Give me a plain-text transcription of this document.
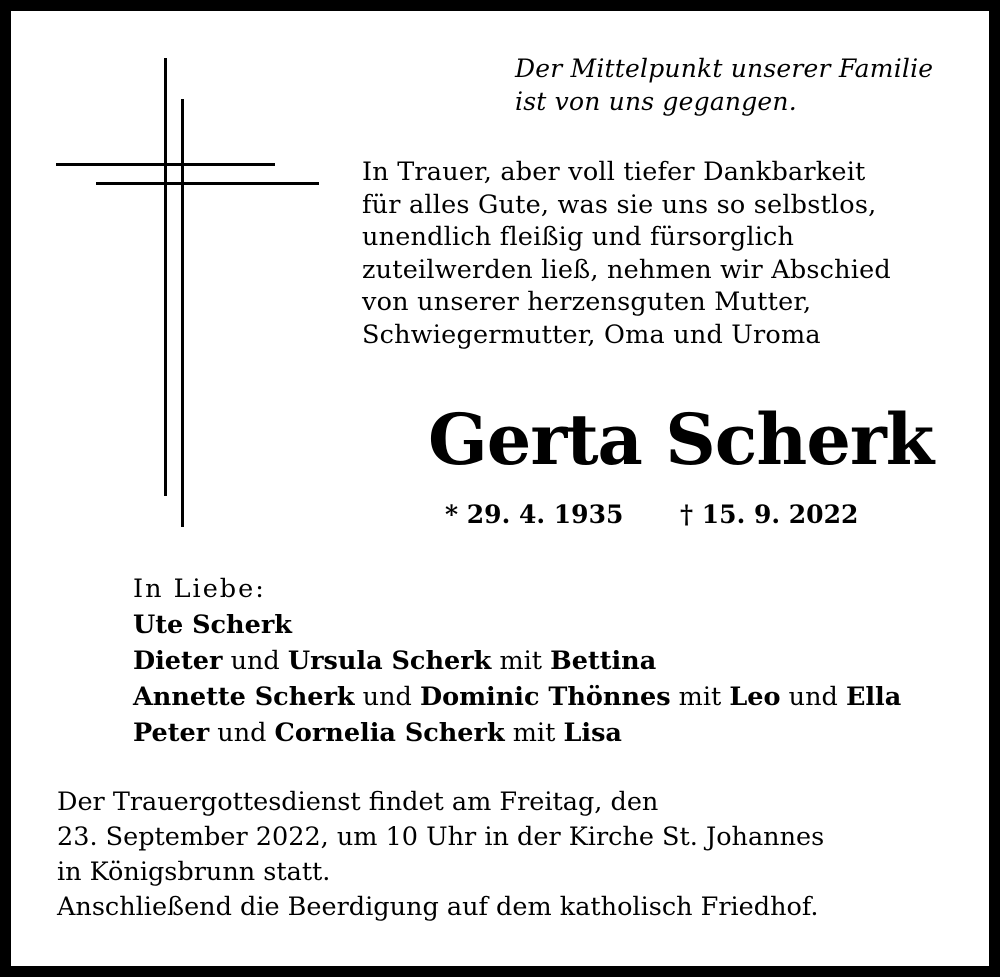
Der Mittelpunkt unserer Familie
ist von uns gegangen.
In Trauer, aber voll tiefer Dankbarkeit
für alles Gute, was sie uns so selbstlos,
unendlich fleißig und fürsorglich
zuteilwerden ließ, nehmen wir Abschied
von unserer herzensguten Mutter,
Schwiegermutter, Oma und Uroma
Gerta Scherk
* 29. 4. 1935 † 15. 9. 2022
In Liebe:
Ute Scherk
Dieter und Ursula Scherk mit Bettina
Annette Scherk und Dominic Thönnes mit Leo und Ella
Peter und Cornelia Scherk mit Lisa
Der Trauergottesdienst findet am Freitag, den
23. September 2022, um 10 Uhr in der Kirche St. Johannes
in Königsbrunn statt.
Anschließend die Beerdigung auf dem katholisch Friedhof.
